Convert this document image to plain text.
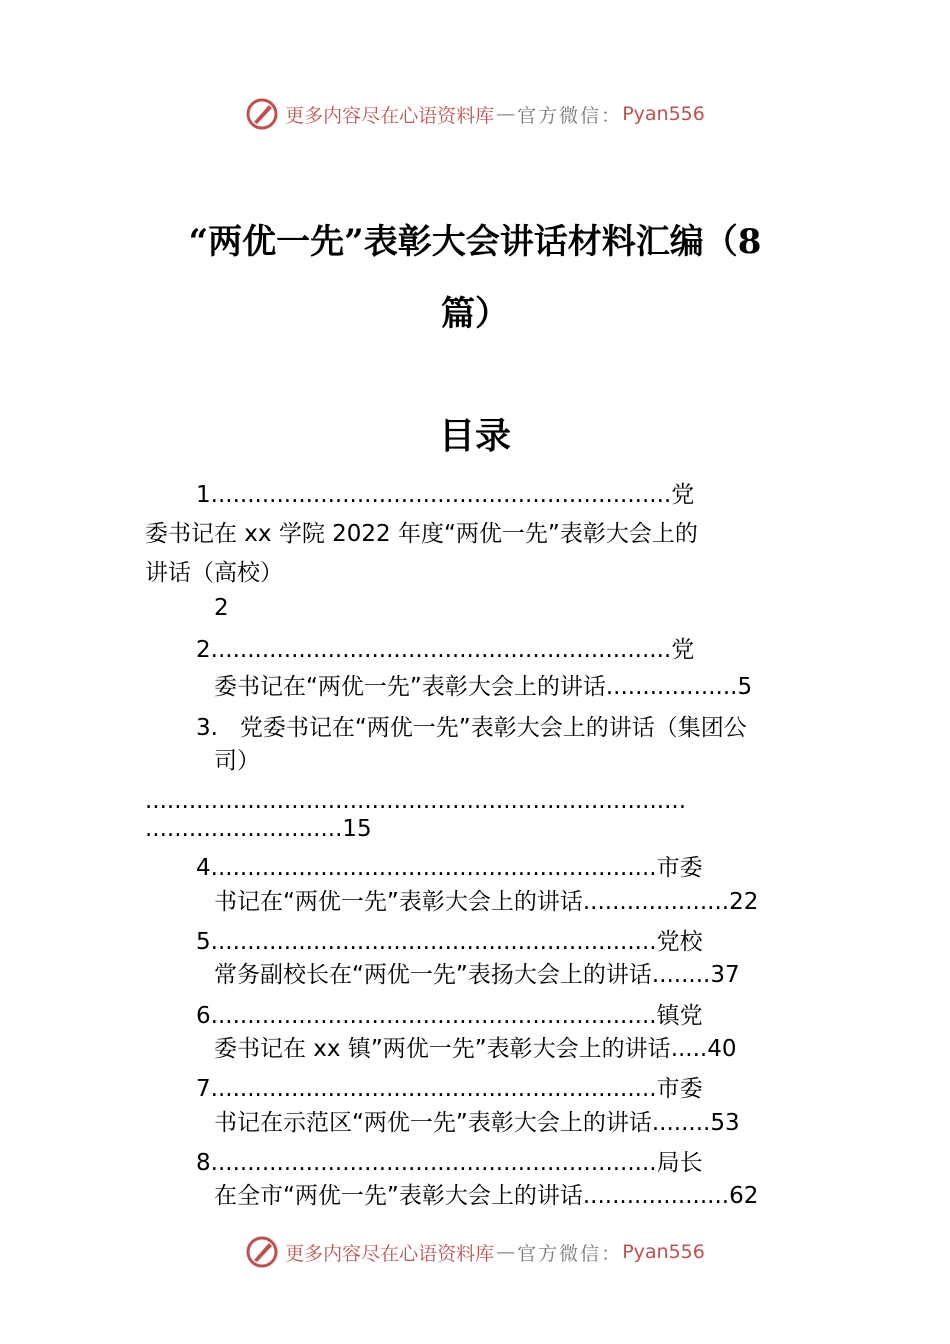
更多内容尽在心语资料库 — 官方微信： Pyan556
“两优一先”表彰大会讲话材料汇编（8
篇）
目录
1...............................................................党
委书记在 xx 学院 2022 年度“两优一先”表彰大会上的
讲话（高校）
2
2...............................................................党
委书记在“两优一先”表彰大会上的讲话..................5
3. 党委书记在“两优一先”表彰大会上的讲话（集团公
司）
..........................................................................
...........................15
4.............................................................市委
书记在“两优一先”表彰大会上的讲话....................22
5.............................................................党校
常务副校长在“两优一先”表扬大会上的讲话........37
6.............................................................镇党
委书记在 xx 镇”两优一先”表彰大会上的讲话.....40
7.............................................................市委
书记在示范区“两优一先”表彰大会上的讲话........53
8.............................................................局长
在全市“两优一先”表彰大会上的讲话....................62
更多内容尽在心语资料库 — 官方微信： Pyan556
